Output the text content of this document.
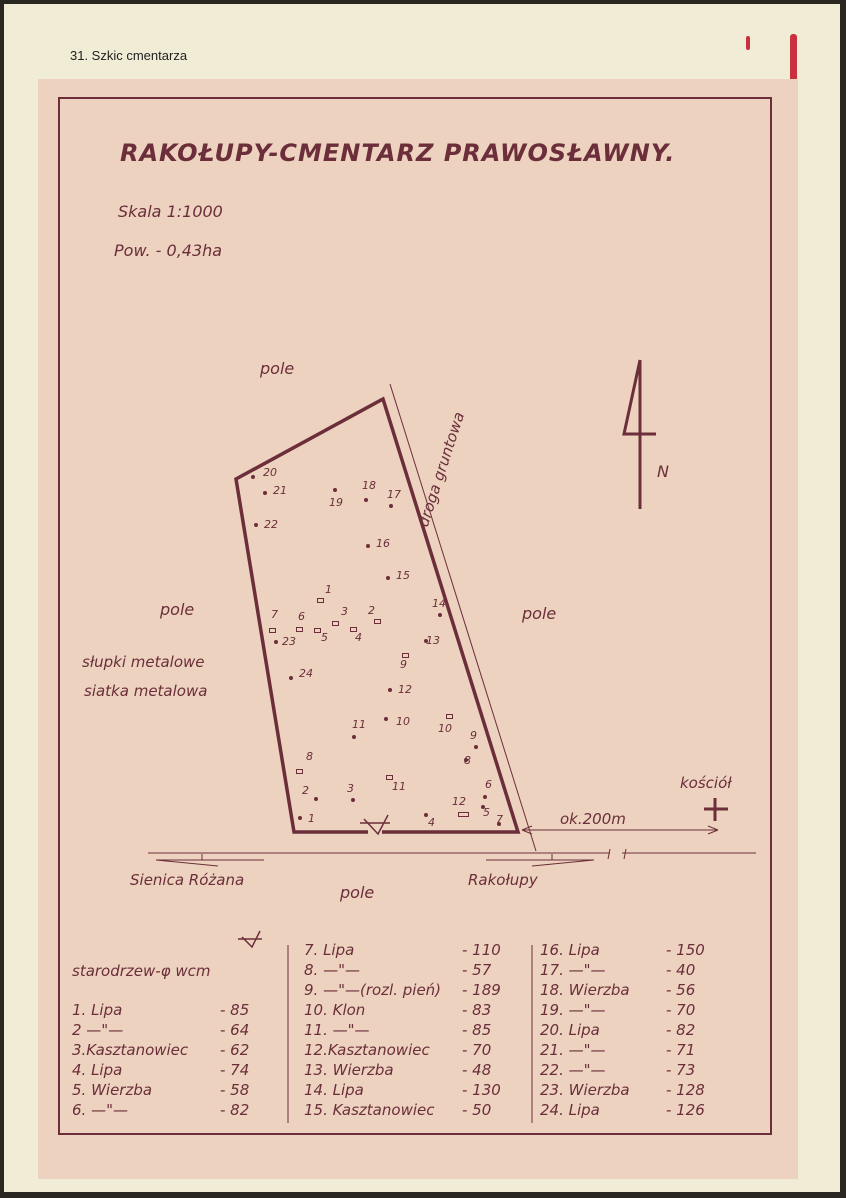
31. Szkic cmentarza
RAKOŁUPY-CMENTARZ PRAWOSŁAWNY.
Skala 1:1000
Pow. - 0,43ha
N
pole
pole	pole
pole
droga gruntowa
słupki metalowe
siatka metalowa
kościół
ok.200m
Sienica Różana	Rakołupy
1
2	3
4
5
6
7
8
9
10
11
12
13
14
15
16
17
18
19
20
21
22
23
24
1
2
3
4
5
6
7
8
9
10
11
12
starodrzew-φ wcm
1. Lipa	- 85
2 —"—	- 64
3.Kasztanowiec - 62
4. Lipa	- 74
5. Wierzba	- 58
6. —"—	- 82
7. Lipa	- 110
8. —"—	- 57
9. —"—(rozl. pień) - 189
10. Klon	- 83
11. —"—	- 85
12.Kasztanowiec - 70
13. Wierzba	- 48
14. Lipa	- 130
15. Kasztanowiec - 50
16. Lipa	- 150
17. —"—	- 40
18. Wierzba - 56
19. —"—	- 70
20. Lipa	- 82
21. —"—	- 71
22. —"—	- 73
23. Wierzba - 128
24. Lipa	- 126
